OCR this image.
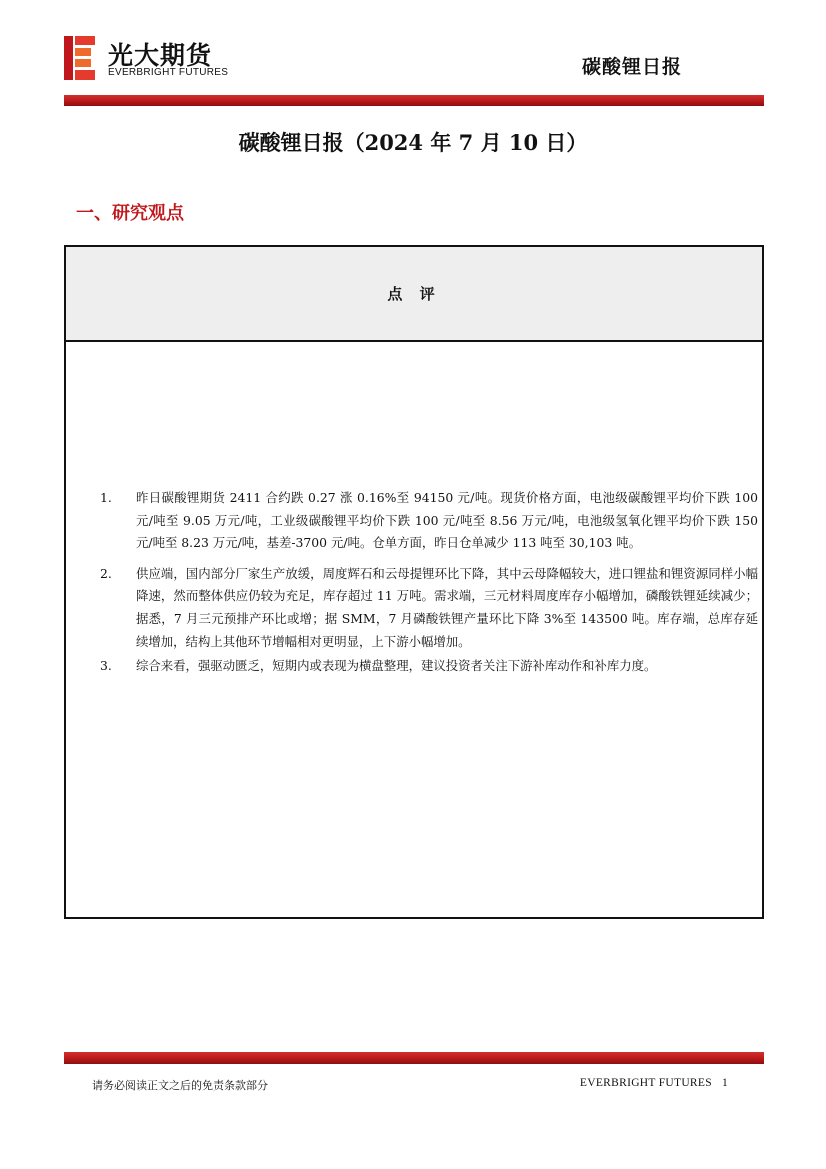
光大期货
EVERBRIGHT FUTURES	碳酸锂日报
碳酸锂日报（2024 年 7 月 10 日）
一、研究观点
点 评
1.	昨日碳酸锂期货 2411 合约跌 0.27 涨 0.16%至 94150 元/吨。现货价格方面，电池级碳酸锂平均价下跌 100 元/吨至 9.05 万元/吨，工业级碳酸锂平均价下跌 100 元/吨至 8.56 万元/吨，电池级氢氧化锂平均价下跌 150 元/吨至 8.23 万元/吨，基差-3700 元/吨。仓单方面，昨日仓单减少 113 吨至 30,103 吨。
2.	供应端，国内部分厂家生产放缓，周度辉石和云母提锂环比下降，其中云母降幅较大，进口锂盐和锂资源同样小幅降速，然而整体供应仍较为充足，库存超过 11 万吨。需求端，三元材料周度库存小幅增加，磷酸铁锂延续减少；据悉，7 月三元预排产环比或增；据 SMM，7 月磷酸铁锂产量环比下降 3%至 143500 吨。库存端，总库存延续增加，结构上其他环节增幅相对更明显，上下游小幅增加。
3.	综合来看，强驱动匮乏，短期内或表现为横盘整理，建议投资者关注下游补库动作和补库力度。
请务必阅读正文之后的免责条款部分	EVERBRIGHT FUTURES 1
